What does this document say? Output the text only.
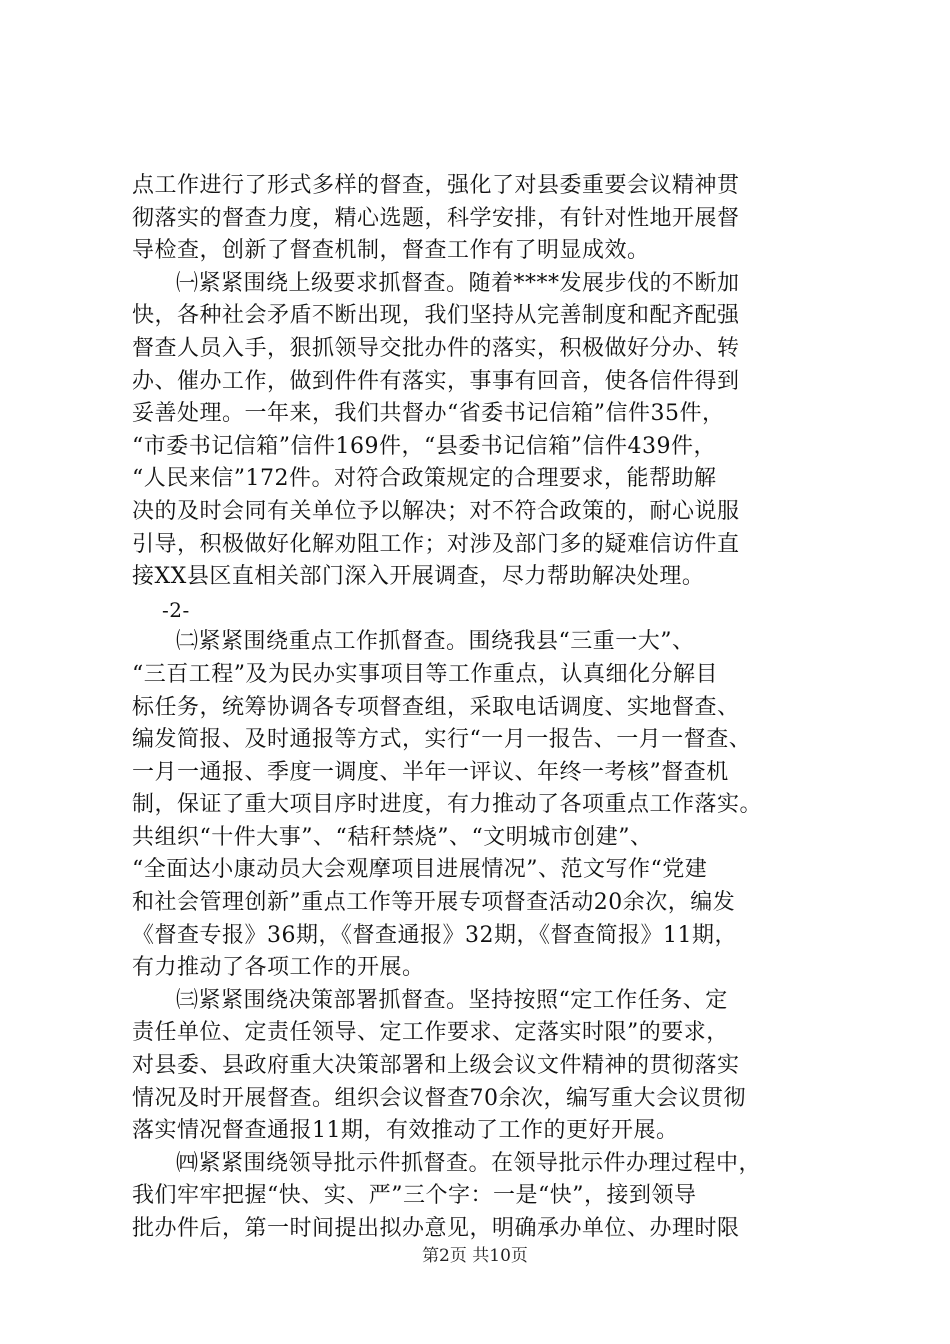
点工作进行了形式多样的督查，强化了对县委重要会议精神贯
彻落实的督查力度，精心选题，科学安排，有针对性地开展督
导检查，创新了督查机制，督查工作有了明显成效。
㈠紧紧围绕上级要求抓督查。随着****发展步伐的不断加
快，各种社会矛盾不断出现，我们坚持从完善制度和配齐配强
督查人员入手，狠抓领导交批办件的落实，积极做好分办、转
办、催办工作，做到件件有落实，事事有回音，使各信件得到
妥善处理。一年来，我们共督办“省委书记信箱”信件35件，
“市委书记信箱”信件169件，“县委书记信箱”信件439件，
“人民来信”172件。对符合政策规定的合理要求，能帮助解
决的及时会同有关单位予以解决；对不符合政策的，耐心说服
引导，积极做好化解劝阻工作；对涉及部门多的疑难信访件直
接XX县区直相关部门深入开展调查，尽力帮助解决处理。
-2-
㈡紧紧围绕重点工作抓督查。围绕我县“三重一大”、
“三百工程”及为民办实事项目等工作重点，认真细化分解目
标任务，统筹协调各专项督查组，采取电话调度、实地督查、
编发简报、及时通报等方式，实行“一月一报告、一月一督查、
一月一通报、季度一调度、半年一评议、年终一考核”督查机
制，保证了重大项目序时进度，有力推动了各项重点工作落实。
共组织“十件大事”、“秸秆禁烧”、“文明城市创建”、
“全面达小康动员大会观摩项目进展情况”、范文写作“党建
和社会管理创新”重点工作等开展专项督查活动20余次，编发
《督查专报》36期，《督查通报》32期，《督查简报》11期，
有力推动了各项工作的开展。
㈢紧紧围绕决策部署抓督查。坚持按照“定工作任务、定
责任单位、定责任领导、定工作要求、定落实时限”的要求，
对县委、县政府重大决策部署和上级会议文件精神的贯彻落实
情况及时开展督查。组织会议督查70余次，编写重大会议贯彻
落实情况督查通报11期，有效推动了工作的更好开展。
㈣紧紧围绕领导批示件抓督查。在领导批示件办理过程中，
我们牢牢把握“快、实、严”三个字：一是“快”，接到领导
批办件后，第一时间提出拟办意见，明确承办单位、办理时限
第2页 共10页
